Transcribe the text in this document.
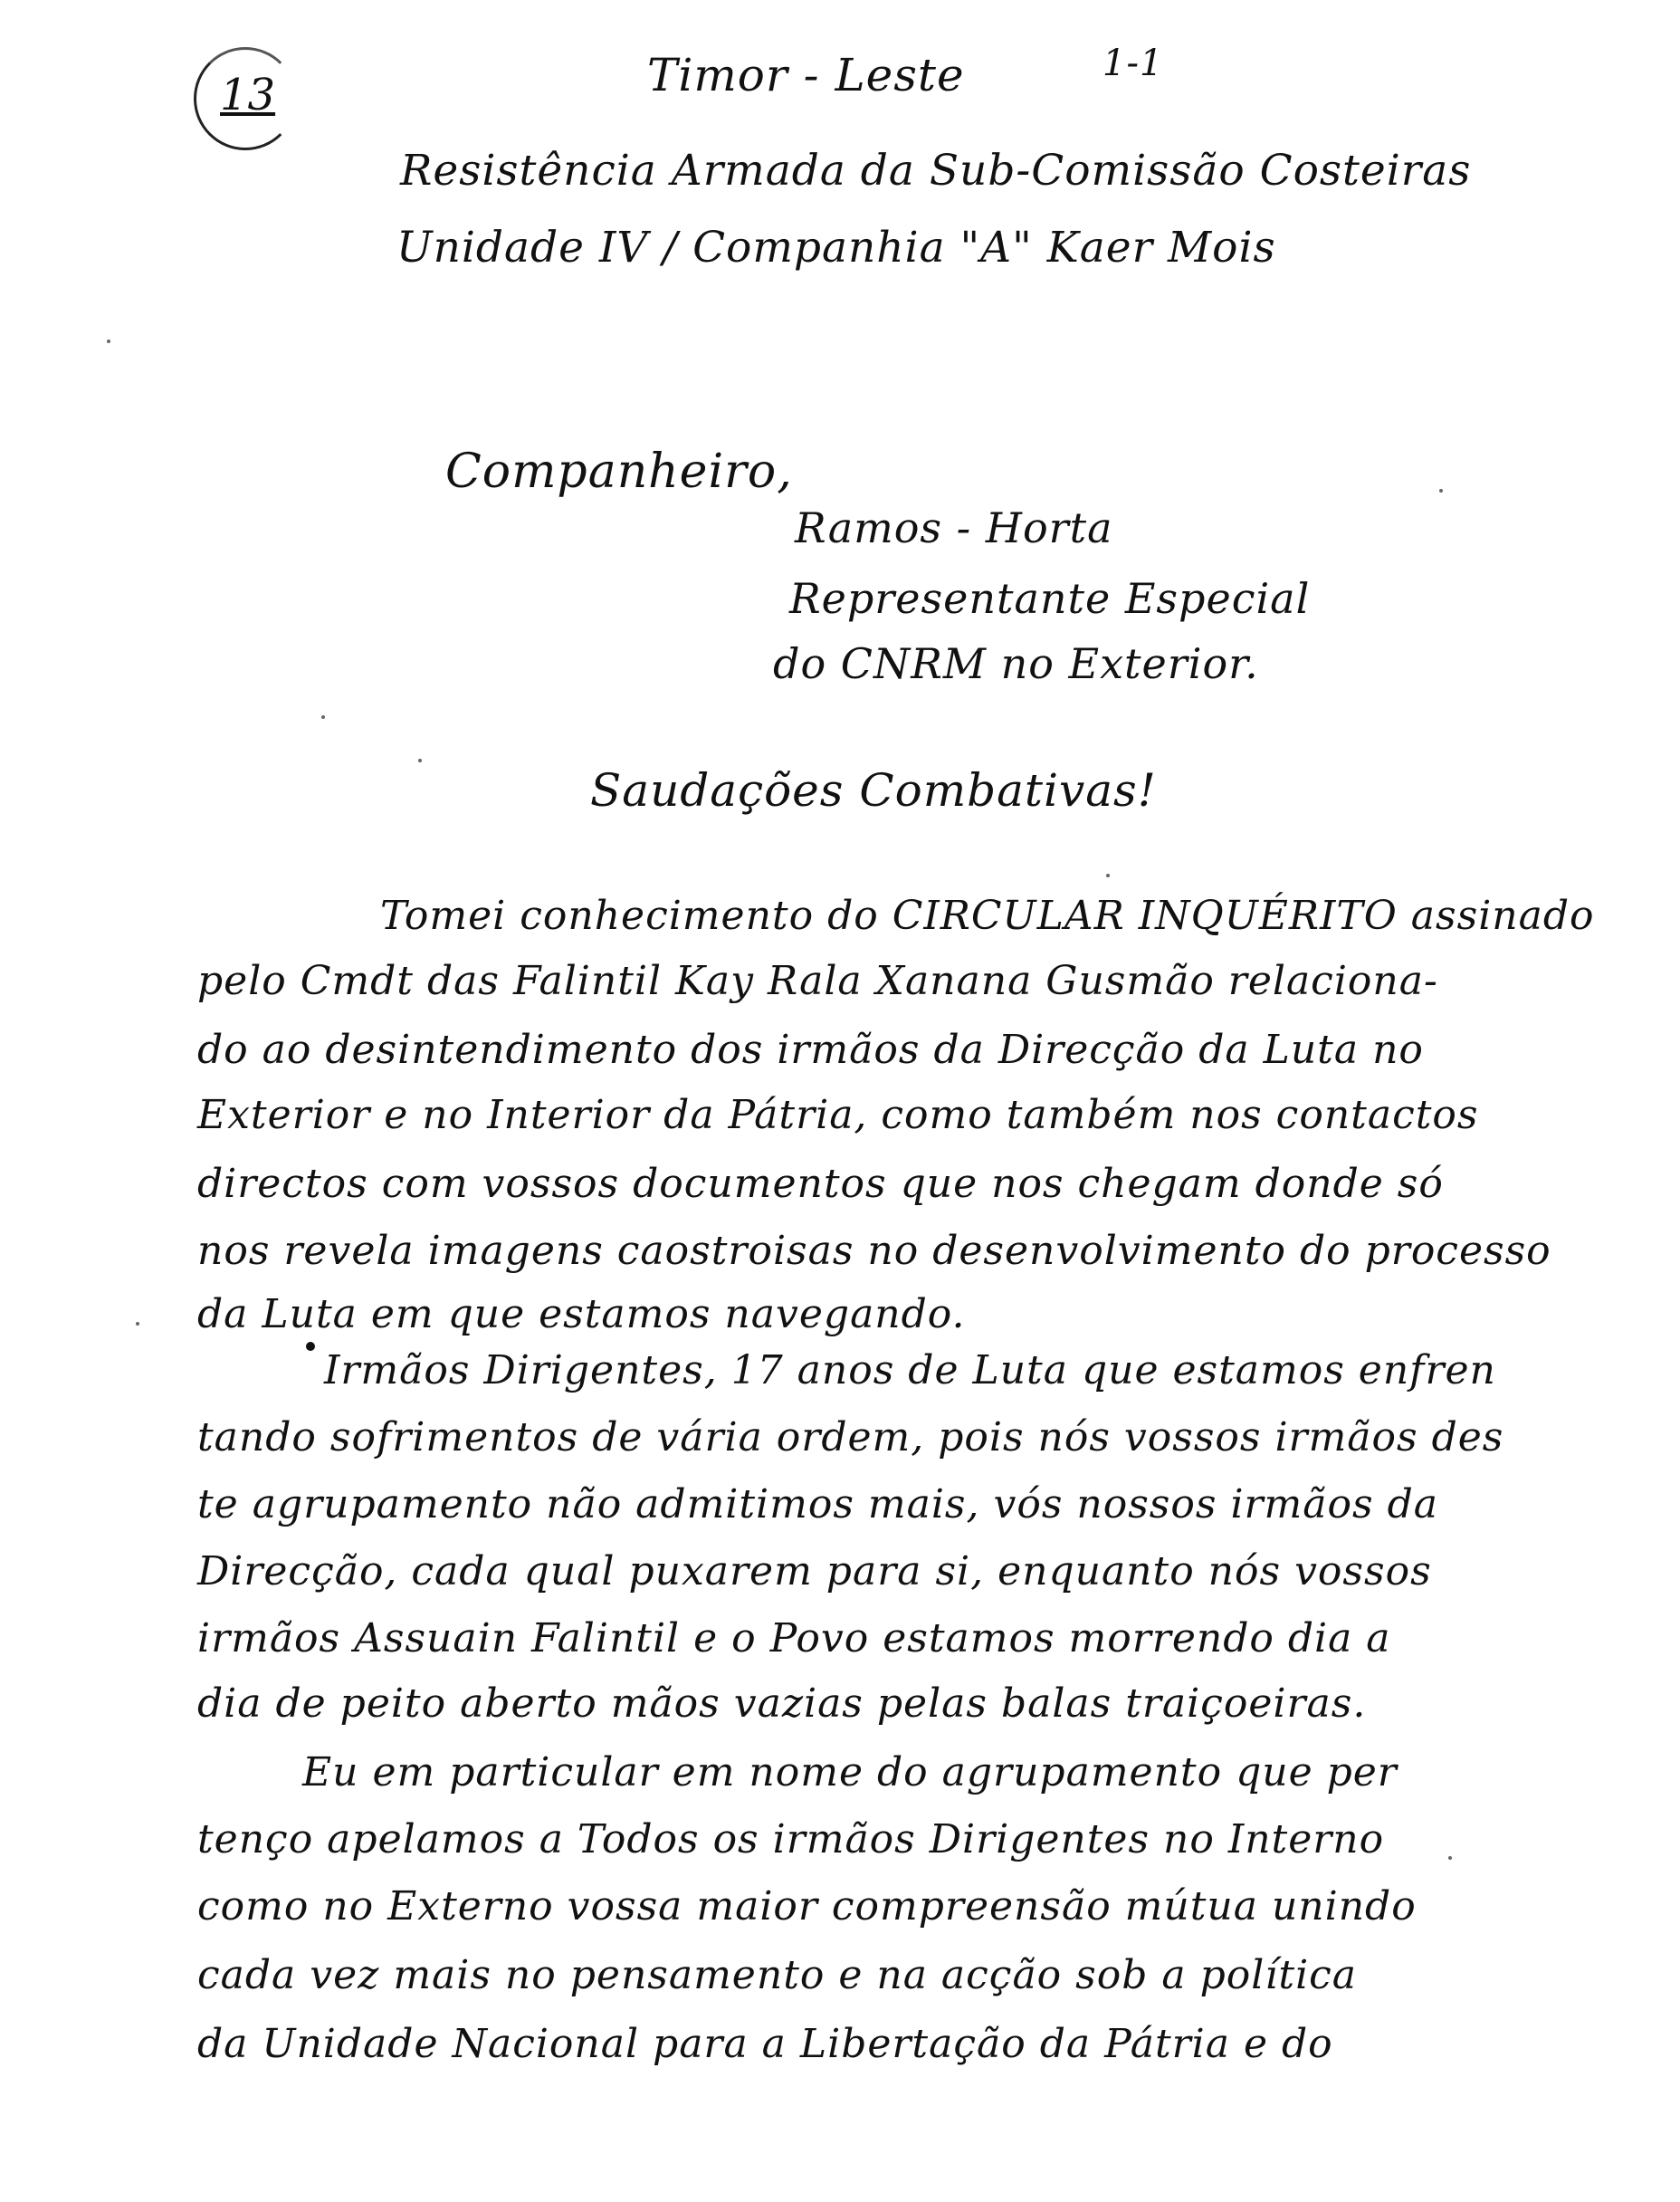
13	Timor - Leste	1-1
Resistência Armada da Sub-Comissão Costeiras
Unidade IV / Companhia "A" Kaer Mois
Companheiro,
Ramos - Horta
Representante Especial
do CNRM no Exterior.
Saudações Combativas!
Tomei conhecimento do CIRCULAR INQUÉRITO assinado
pelo Cmdt das Falintil Kay Rala Xanana Gusmão relaciona-
do ao desintendimento dos irmãos da Direcção da Luta no
Exterior e no Interior da Pátria, como também nos contactos
directos com vossos documentos que nos chegam donde só
nos revela imagens caostroisas no desenvolvimento do processo
da Luta em que estamos navegando.
Irmãos Dirigentes, 17 anos de Luta que estamos enfren
tando sofrimentos de vária ordem, pois nós vossos irmãos des
te agrupamento não admitimos mais, vós nossos irmãos da
Direcção, cada qual puxarem para si, enquanto nós vossos
irmãos Assuain Falintil e o Povo estamos morrendo dia a
dia de peito aberto mãos vazias pelas balas traiçoeiras.
Eu em particular em nome do agrupamento que per
tenço apelamos a Todos os irmãos Dirigentes no Interno
como no Externo vossa maior compreensão mútua unindo
cada vez mais no pensamento e na acção sob a política
da Unidade Nacional para a Libertação da Pátria e do
